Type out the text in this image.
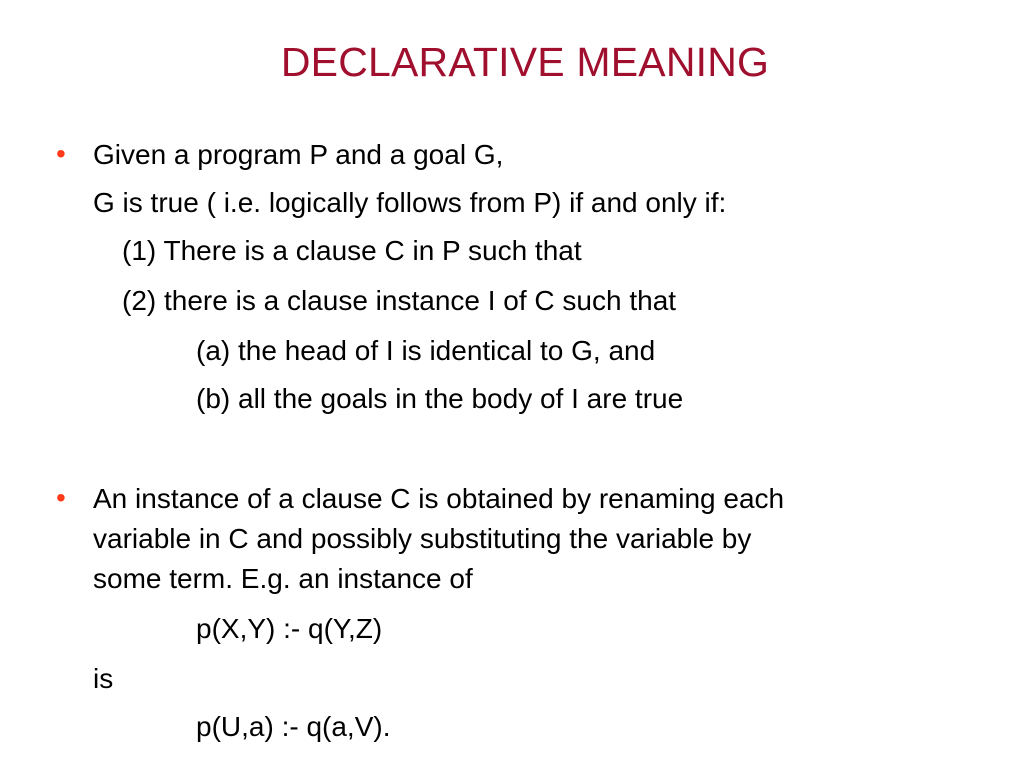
DECLARATIVE MEANING
• Given a program P and a goal G,
G is true ( i.e. logically follows from P) if and only if:
(1) There is a clause C in P such that
(2) there is a clause instance I of C such that
(a) the head of I is identical to G, and
(b) all the goals in the body of I are true
• An instance of a clause C is obtained by renaming each
variable in C and possibly substituting the variable by
some term. E.g. an instance of
p(X,Y) :- q(Y,Z)
is
p(U,a) :- q(a,V).
